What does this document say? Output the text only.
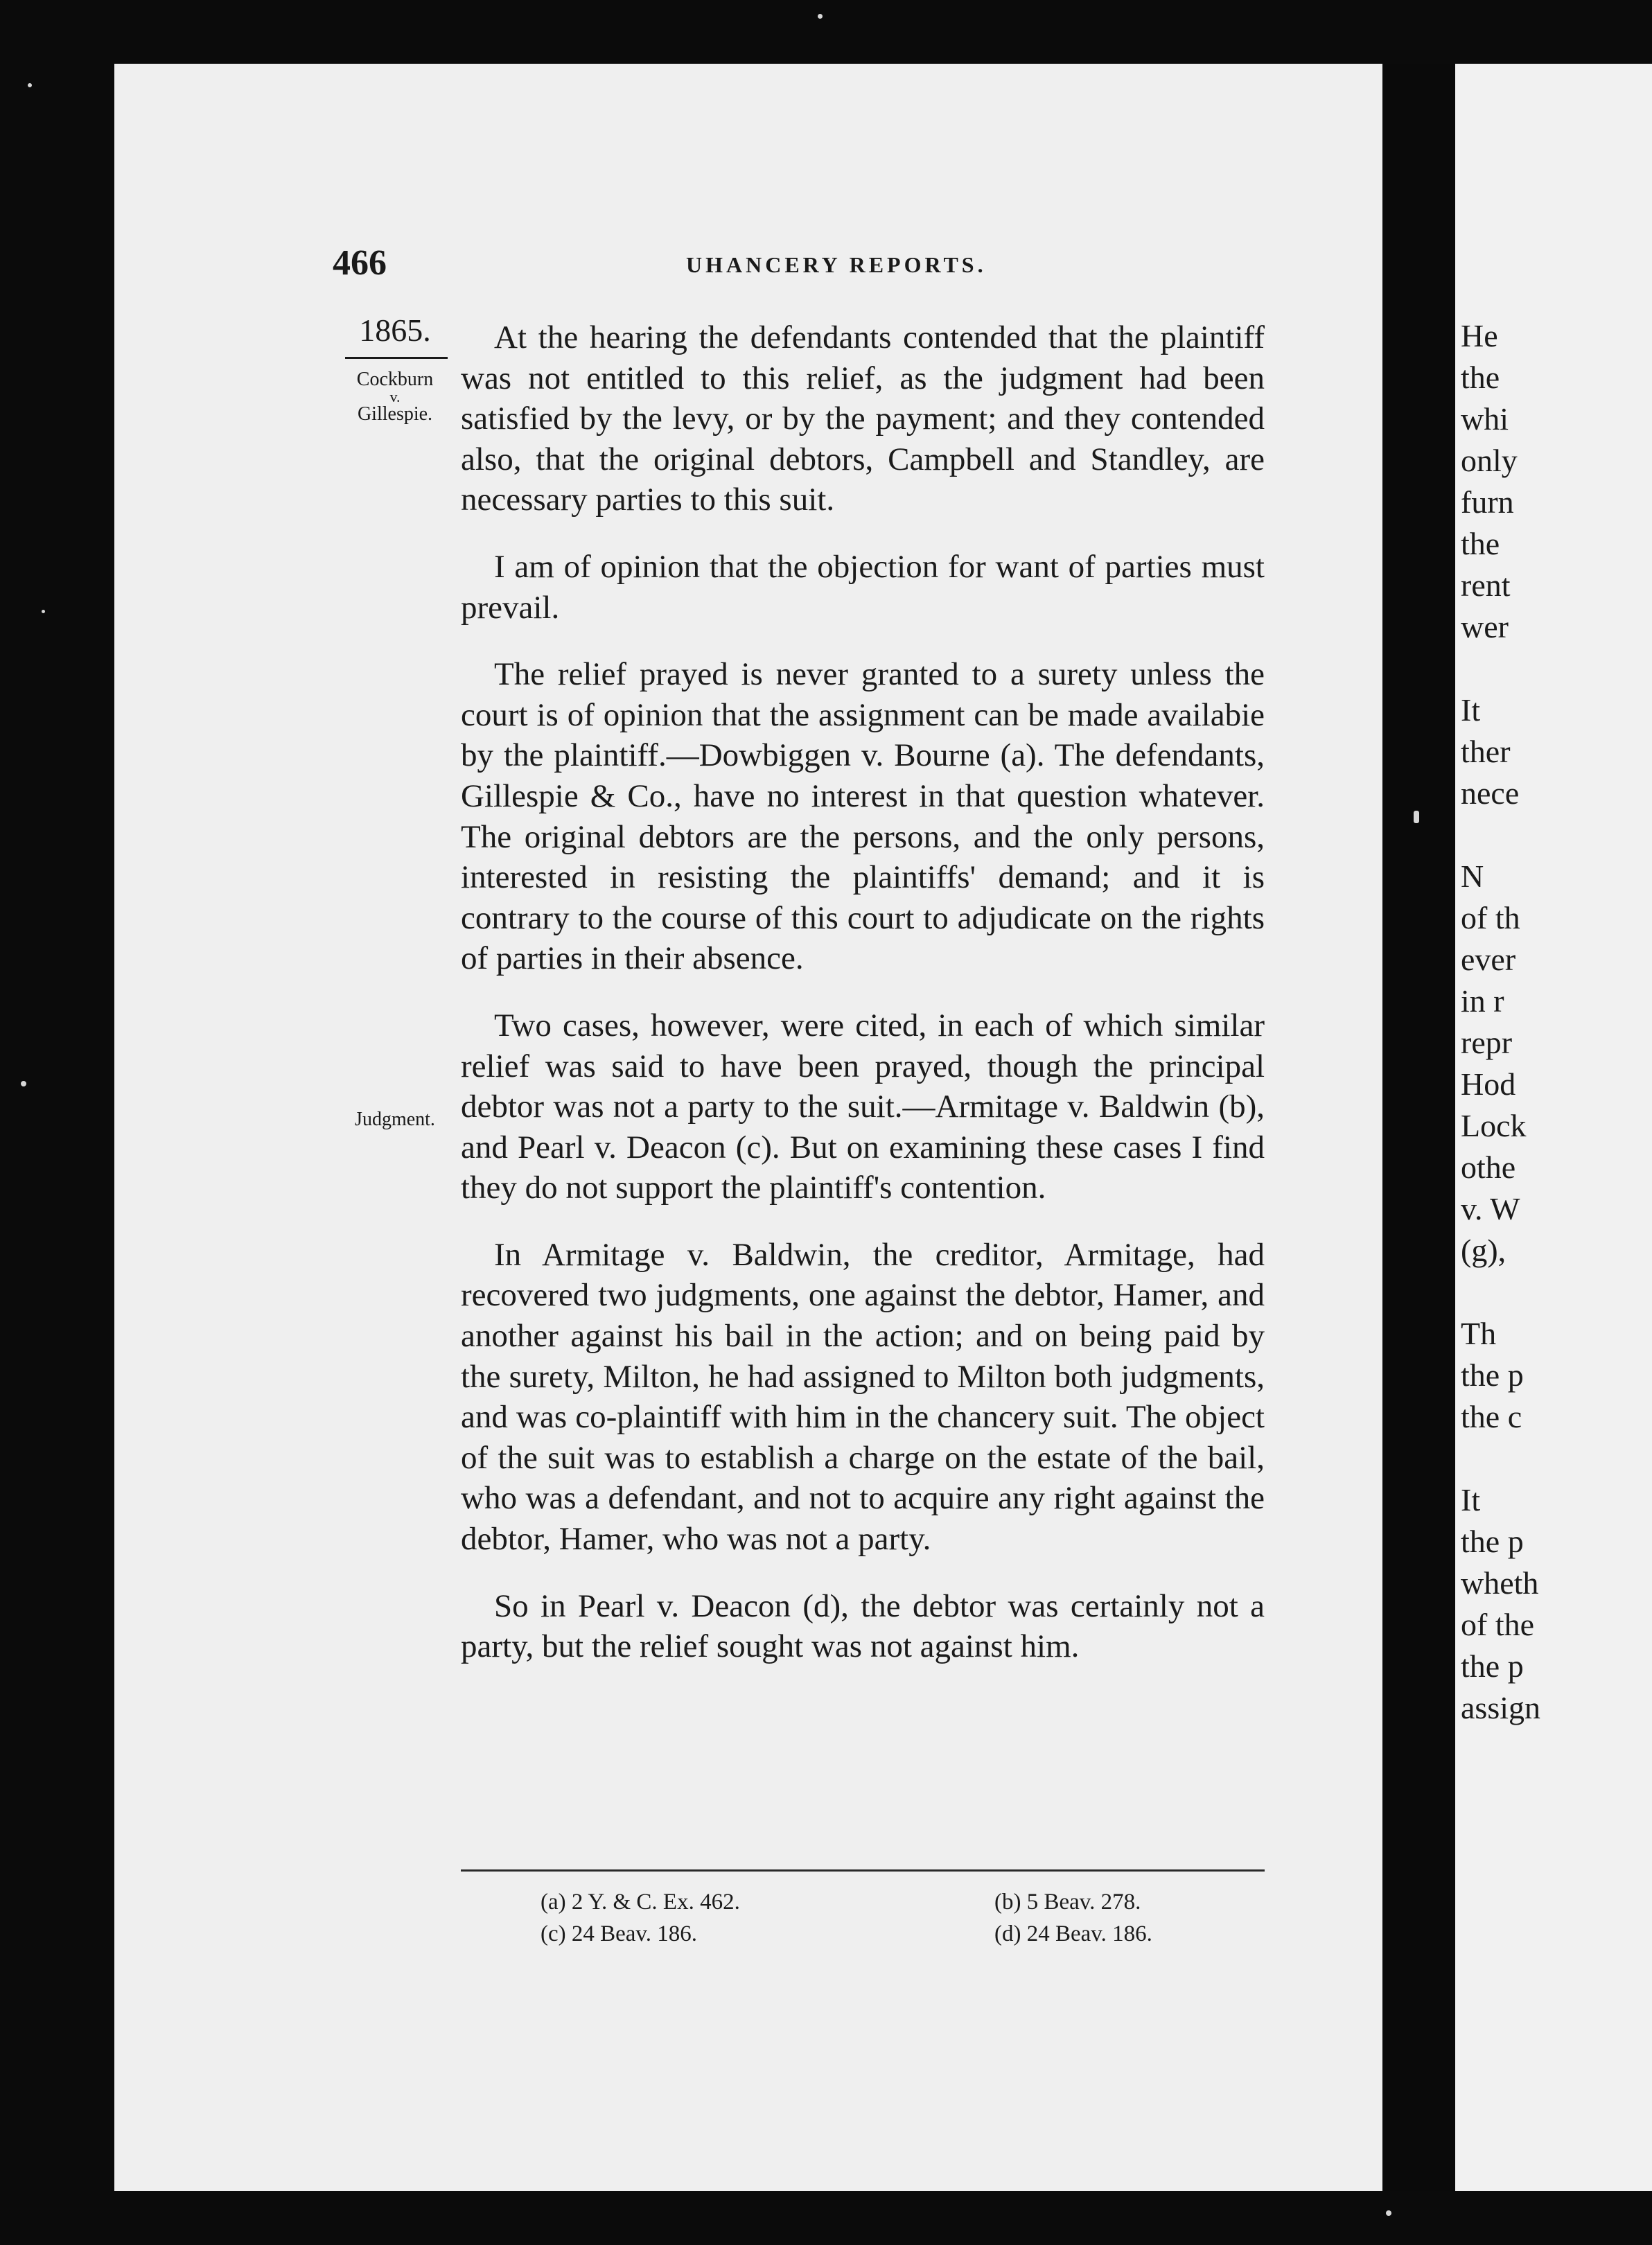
He
the
whi
only
furn
the
rent
wer

It
ther
nece

N
of th
ever
in r
repr
Hod
Lock
othe
v. W
(g),

Th
the p
the c

It
the p
wheth
of the
the p
assign
466	UHANCERY REPORTS.
1865.
Cockburn
v.
Gillespie.
Judgment.

At the hearing the defendants contended that the plaintiff was not entitled to this relief, as the judgment had been satisfied by the levy, or by the payment; and they contended also, that the original debtors, Campbell and Standley, are necessary parties to this suit.

I am of opinion that the objection for want of parties must prevail.

The relief prayed is never granted to a surety unless the court is of opinion that the assignment can be made availabie by the plaintiff.—Dowbiggen v. Bourne (a). The defendants, Gillespie & Co., have no interest in that question whatever. The original debtors are the persons, and the only persons, interested in resisting the plaintiffs' demand; and it is contrary to the course of this court to adjudicate on the rights of parties in their absence.

Two cases, however, were cited, in each of which similar relief was said to have been prayed, though the principal debtor was not a party to the suit.—Armitage v. Baldwin (b), and Pearl v. Deacon (c). But on examining these cases I find they do not support the plaintiff's contention.

In Armitage v. Baldwin, the creditor, Armitage, had recovered two judgments, one against the debtor, Hamer, and another against his bail in the action; and on being paid by the surety, Milton, he had assigned to Milton both judgments, and was co-plaintiff with him in the chancery suit. The object of the suit was to establish a charge on the estate of the bail, who was a defendant, and not to acquire any right against the debtor, Hamer, who was not a party.

So in Pearl v. Deacon (d), the debtor was certainly not a party, but the relief sought was not against him.

(a) 2 Y. & C. Ex. 462.	(b) 5 Beav. 278.
(c) 24 Beav. 186.	(d) 24 Beav. 186.
